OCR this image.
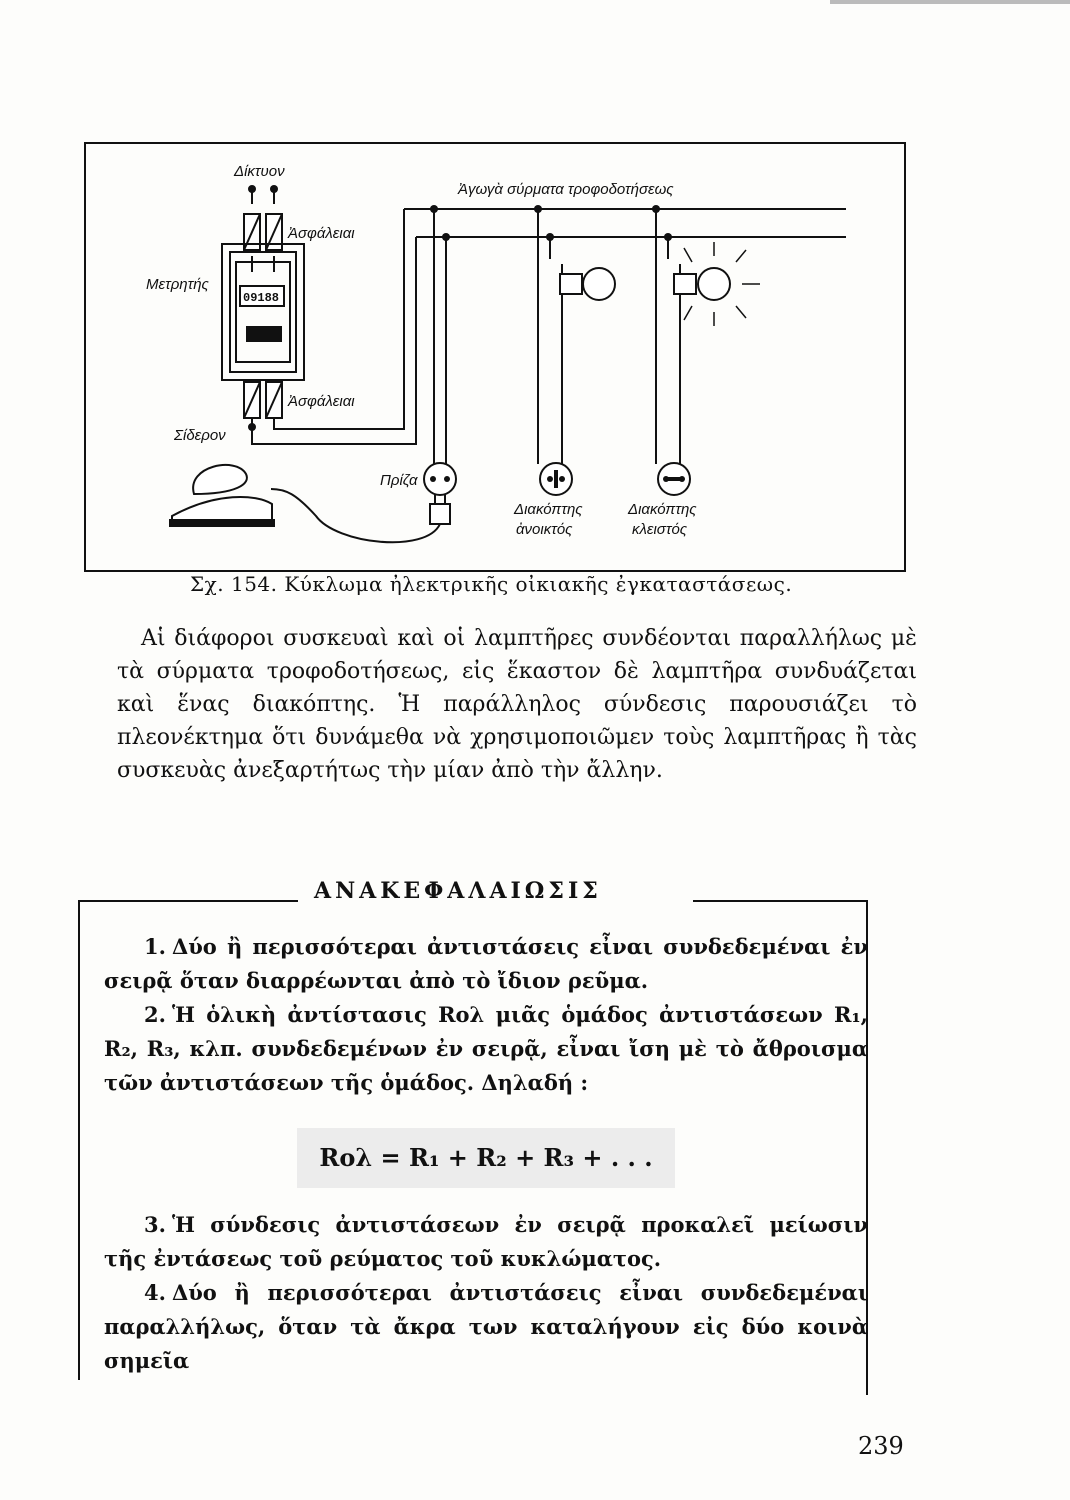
09188
Δίκτυον
Ἀσφάλειαι
Μετρητής
Ἀσφάλειαι
Σίδερον
Πρίζα
Ἀγωγὰ σύρματα τροφοδοτήσεως
Διακόπτης
ἀνοικτός
Διακόπτης
κλειστός
Σχ. 154. Κύκλωμα ἠλεκτρικῆς οἰκιακῆς ἐγκαταστάσεως.

Αἱ διάφοροι συσκευαὶ καὶ οἱ λαμπτῆρες συνδέονται παραλλήλως μὲ τὰ σύρματα τροφοδοτήσεως, εἰς ἕκαστον δὲ λαμπτῆρα συνδυάζεται καὶ ἕνας διακόπτης. Ἡ παράλληλος σύνδεσις παρουσιάζει τὸ πλεονέκτημα ὅτι δυνάμεθα νὰ χρησιμοποιῶμεν τοὺς λαμπτῆρας ἢ τὰς συσκευὰς ἀνεξαρτήτως τὴν μίαν ἀπὸ τὴν ἄλλην.

ΑΝΑΚΕΦΑΛΑΙΩΣΙΣ

1. Δύο ἢ περισσότεραι ἀντιστάσεις εἶναι συνδεδεμέναι ἐν σειρᾷ ὅταν διαρρέωνται ἀπὸ τὸ ἴδιον ρεῦμα.

2. Ἡ ὁλικὴ ἀντίστασις Rολ μιᾶς ὁμάδος ἀντιστάσεων R₁, R₂, R₃, κλπ. συνδεδεμένων ἐν σειρᾷ, εἶναι ἴση μὲ τὸ ἄθροισμα τῶν ἀντιστάσεων τῆς ὁμάδος. Δηλαδή :

Rολ = R₁ + R₂ + R₃ + . . .

3. Ἡ σύνδεσις ἀντιστάσεων ἐν σειρᾷ προκαλεῖ μείωσιν τῆς ἐντάσεως τοῦ ρεύματος τοῦ κυκλώματος.

4. Δύο ἢ περισσότεραι ἀντιστάσεις εἶναι συνδεδεμέναι παραλλήλως, ὅταν τὰ ἄκρα των καταλήγουν εἰς δύο κοινὰ σημεῖα

239
